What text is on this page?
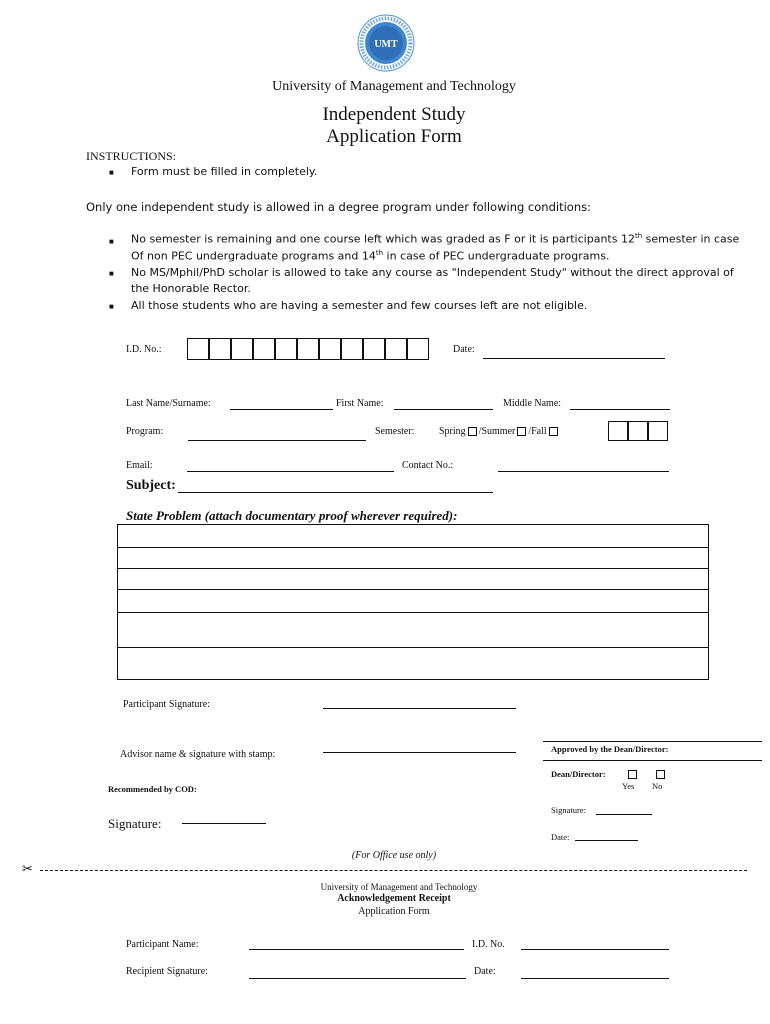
UMT
University of Management and Technology
Independent Study
Application Form
INSTRUCTIONS:
■ Form must be filled in completely.
Only one independent study is allowed in a degree program under following conditions:
■ No semester is remaining and one course left which was graded as F or it is participants 12th semester in case
Of non PEC undergraduate programs and 14th in case of PEC undergraduate programs.
■ No MS/Mphil/PhD scholar is allowed to take any course as "Independent Study" without the direct approval of
the Honorable Rector.
■ All those students who are having a semester and few courses left are not eligible.
I.D. No.:	Date:
Last Name/Surname:	First Name:	Middle Name:
Program:	Semester: Spring /Summer /Fall
Email:	Contact No.:
Subject:
State Problem (attach documentary proof wherever required):
Participant Signature:
Advisor name & signature with stamp:
Recommended by COD:
Signature:
Approved by the Dean/Director:
Dean/Director:
Yes No
Signature:
Date:
(For Office use only)
✂
University of Management and Technology
Acknowledgement Receipt
Application Form
Participant Name:	I.D. No.
Recipient Signature:	Date:
